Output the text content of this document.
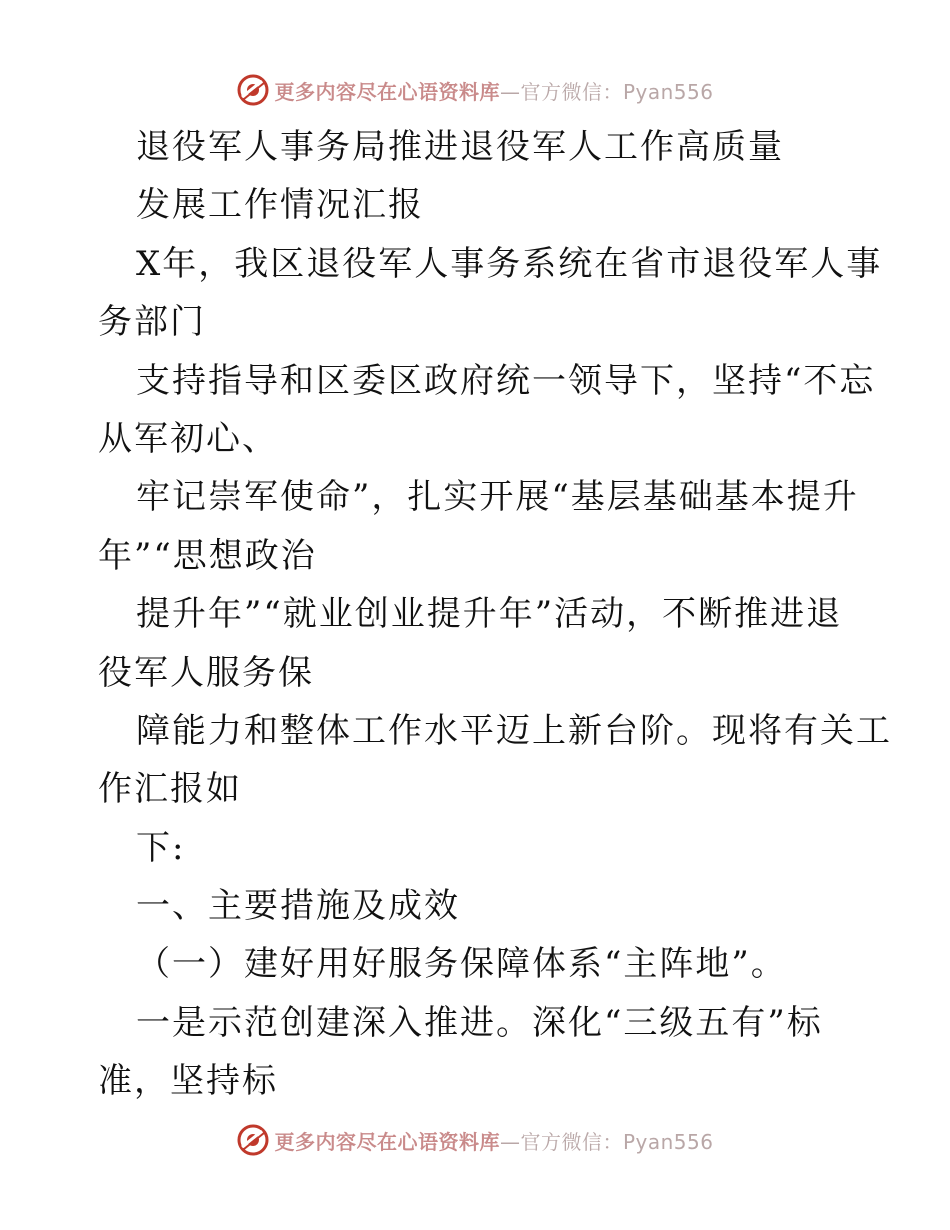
更多内容尽在心语资料库—官方微信：Pyan556
退役军人事务局推进退役军人工作高质量
发展工作情况汇报
X年，我区退役军人事务系统在省市退役军人事
务部门
支持指导和区委区政府统一领导下，坚持“不忘
从军初心、
牢记崇军使命”，扎实开展“基层基础基本提升
年”“思想政治
提升年”“就业创业提升年”活动，不断推进退
役军人服务保
障能力和整体工作水平迈上新台阶。现将有关工
作汇报如
下:
一、主要措施及成效
（一）建好用好服务保障体系“主阵地”。
一是示范创建深入推进。深化“三级五有”标
准，坚持标
更多内容尽在心语资料库—官方微信：Pyan556
